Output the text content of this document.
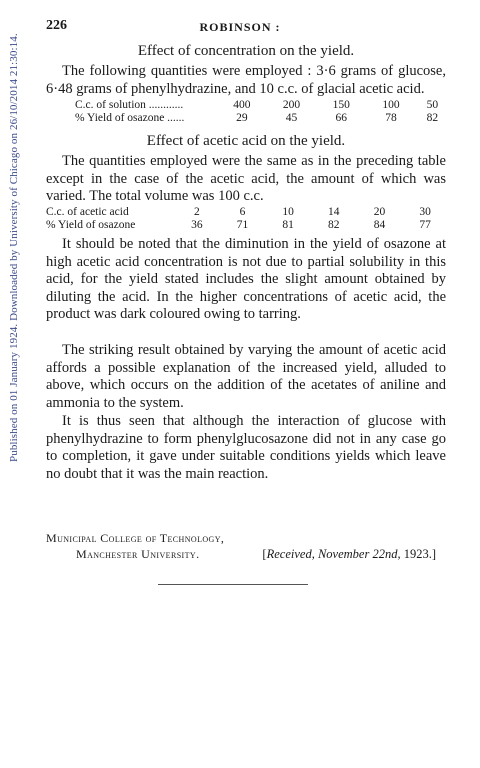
Published on 01 January 1924. Downloaded by University of Chicago on 26/10/2014 21:30:14.
226	ROBINSON :
Effect of concentration on the yield.
The following quantities were employed : 3·6 grams of glucose, 6·48 grams of phenylhydrazine, and 10 c.c. of glacial acetic acid.
C.c. of solution ............	400	200	150	100	50
% Yield of osazone ......	29	45	66	78	82
Effect of acetic acid on the yield.
The quantities employed were the same as in the preceding table except in the case of the acetic acid, the amount of which was varied. The total volume was 100 c.c.
C.c. of acetic acid	2	6	10	14	20	30
% Yield of osazone	36	71	81	82	84	77
It should be noted that the diminution in the yield of osazone at high acetic acid concentration is not due to partial solubility in this acid, for the yield stated includes the slight amount obtained by diluting the acid. In the higher concentrations of acetic acid, the product was dark coloured owing to tarring.
The striking result obtained by varying the amount of acetic acid affords a possible explanation of the increased yield, alluded to above, which occurs on the addition of the acetates of aniline and ammonia to the system.
It is thus seen that although the interaction of glucose with phenylhydrazine to form phenylglucosazone did not in any case go to completion, it gave under suitable conditions yields which leave no doubt that it was the main reaction.
Municipal College of Technology,
Manchester University.	[Received, November 22nd, 1923.]
